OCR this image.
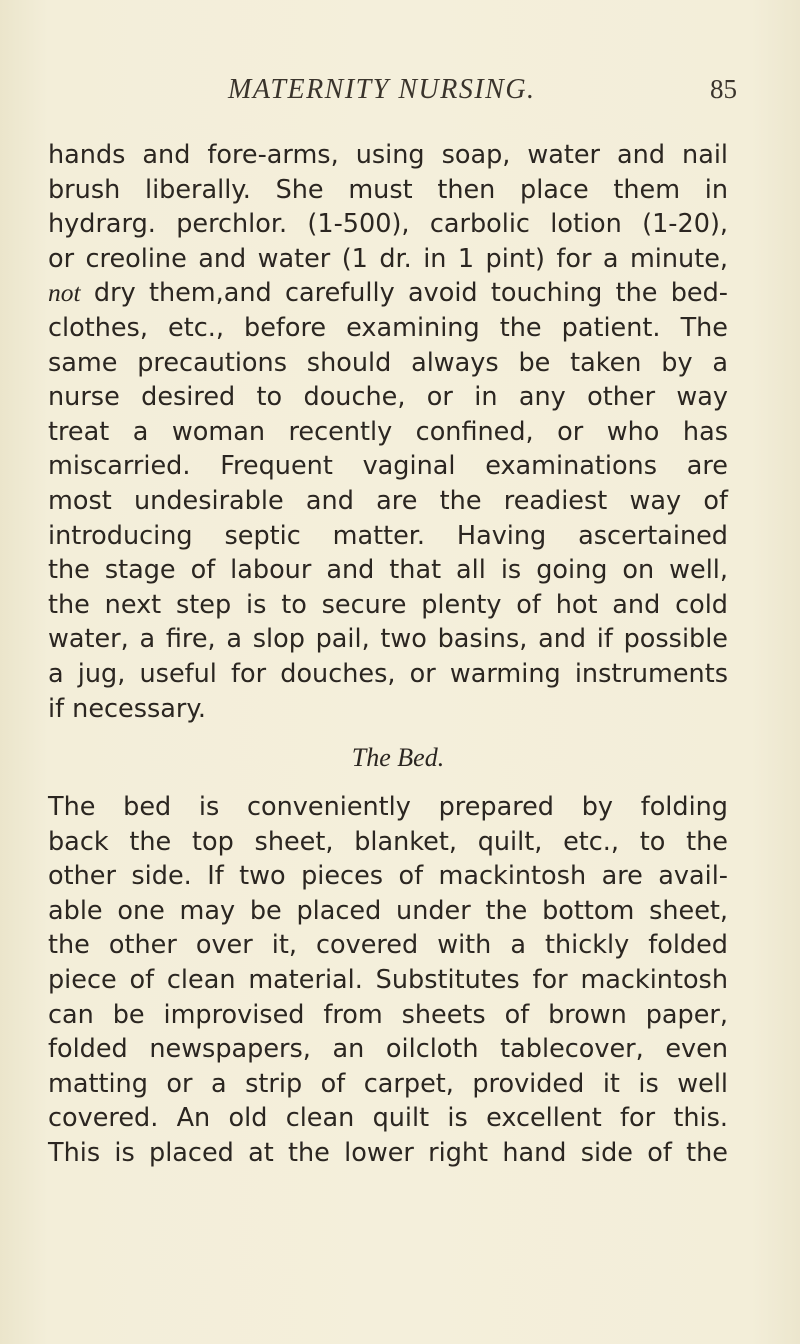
MATERNITY NURSING.	85
hands and fore-arms, using soap, water and nail
brush liberally. She must then place them in
hydrarg. perchlor. (1-500), carbolic lotion (1-20),
or creoline and water (1 dr. in 1 pint) for a minute,
not dry them,and carefully avoid touching the bed-
clothes, etc., before examining the patient. The
same precautions should always be taken by a
nurse desired to douche, or in any other way
treat a woman recently confined, or who has
miscarried. Frequent vaginal examinations are
most undesirable and are the readiest way of
introducing septic matter. Having ascertained
the stage of labour and that all is going on well,
the next step is to secure plenty of hot and cold
water, a fire, a slop pail, two basins, and if possible
a jug, useful for douches, or warming instruments
if necessary.
The Bed.
The bed is conveniently prepared by folding
back the top sheet, blanket, quilt, etc., to the
other side. If two pieces of mackintosh are avail-
able one may be placed under the bottom sheet,
the other over it, covered with a thickly folded
piece of clean material. Substitutes for mackintosh
can be improvised from sheets of brown paper,
folded newspapers, an oilcloth tablecover, even
matting or a strip of carpet, provided it is well
covered. An old clean quilt is excellent for this.
This is placed at the lower right hand side of the
